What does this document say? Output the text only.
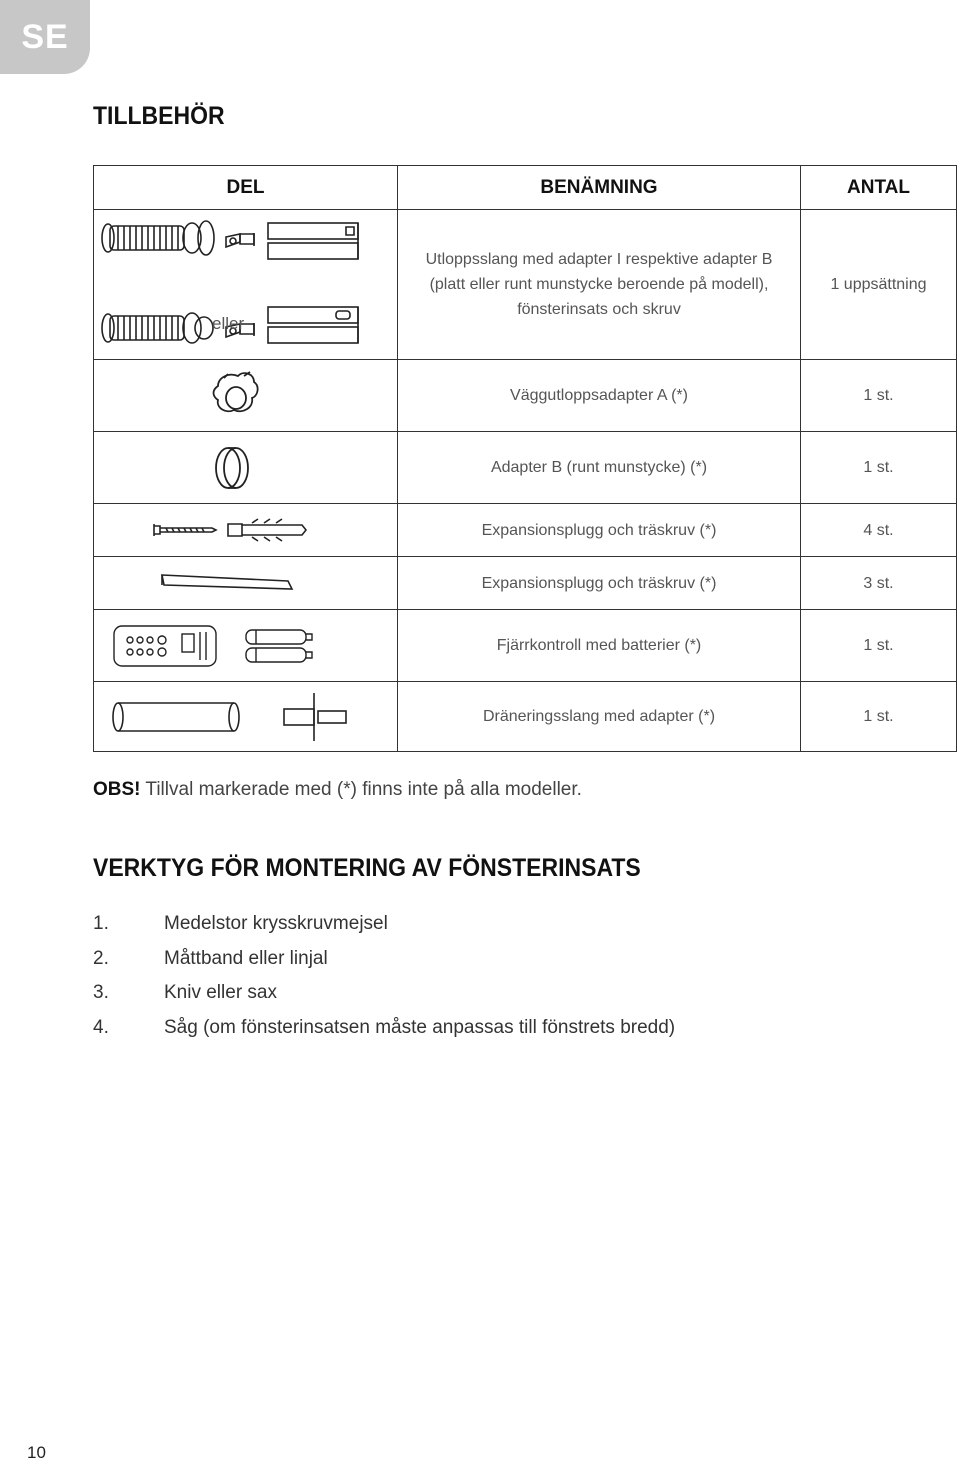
SE
TILLBEHÖR
DEL	BENÄMNING	ANTAL

eller	Utloppsslang med adapter I respektive adapter B
(platt eller runt munstycke beroende på modell),
fönsterinsats och skruv	1 uppsättning

	Väggutloppsadapter A (*)	1 st.

	Adapter B (runt munstycke) (*)	1 st.

	Expansionsplugg och träskruv (*)	4 st.

	Expansionsplugg och träskruv (*)	3 st.

	Fjärrkontroll med batterier (*)	1 st.

	Dräneringsslang med adapter (*)	1 st.
OBS! Tillval markerade med (*) finns inte på alla modeller.
VERKTYG FÖR MONTERING AV FÖNSTERINSATS
1.	Medelstor krysskruvmejsel
2.	Måttband eller linjal
3.	Kniv eller sax
4.	Såg (om fönsterinsatsen måste anpassas till fönstrets bredd)
10
